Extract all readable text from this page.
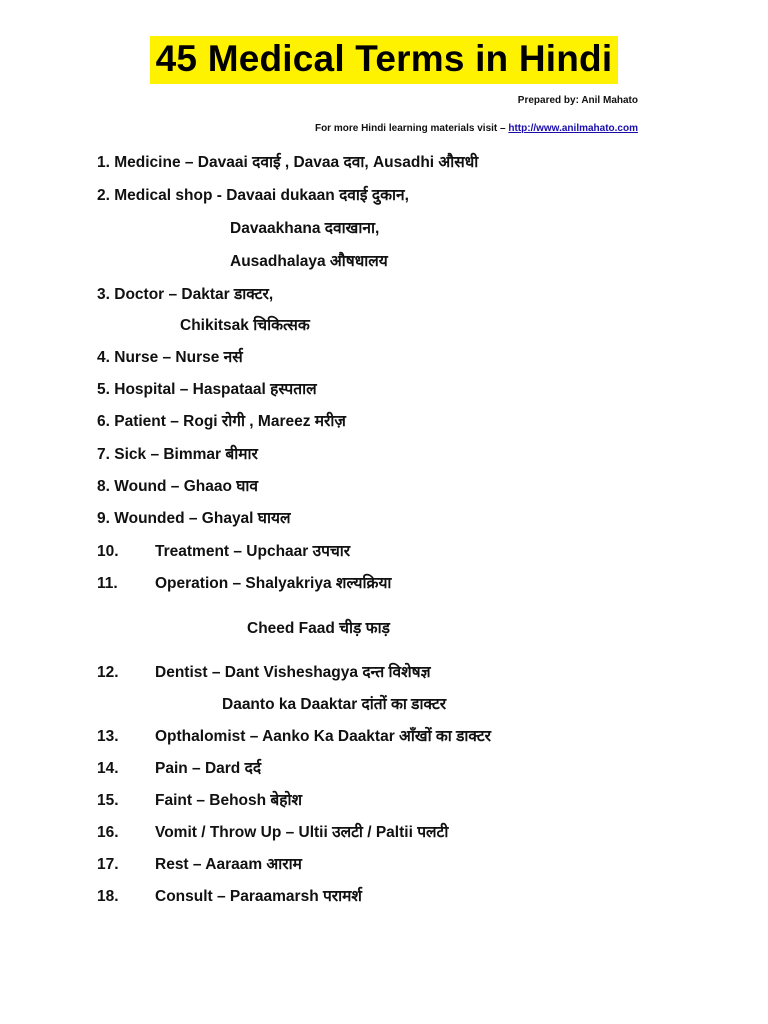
45 Medical Terms in Hindi
Prepared by: Anil Mahato
For more Hindi learning materials visit – http://www.anilmahato.com
1. Medicine – Davaai दवाई , Davaa दवा, Ausadhi औसधी
2. Medical shop - Davaai dukaan दवाई दुकान,
Davaakhana दवाखाना,
Ausadhalaya औषधालय
3. Doctor – Daktar डाक्टर,
Chikitsak चिकित्सक
4. Nurse – Nurse नर्स
5. Hospital – Haspataal हस्पताल
6. Patient – Rogi रोगी , Mareez मरीज़
7. Sick – Bimmar बीमार
8. Wound – Ghaao घाव
9. Wounded – Ghayal घायल
10. Treatment – Upchaar उपचार
11. Operation – Shalyakriya शल्यक्रिया
Cheed Faad चीड़ फाड़
12. Dentist – Dant Visheshagya दन्त विशेषज्ञ
Daanto ka Daaktar दांतों का डाक्टर
13. Opthalomist – Aanko Ka Daaktar आँखों का डाक्टर
14. Pain – Dard दर्द
15. Faint – Behosh बेहोश
16. Vomit / Throw Up – Ultii उलटी / Paltii पलटी
17. Rest – Aaraam आराम
18. Consult – Paraamarsh परामर्श
